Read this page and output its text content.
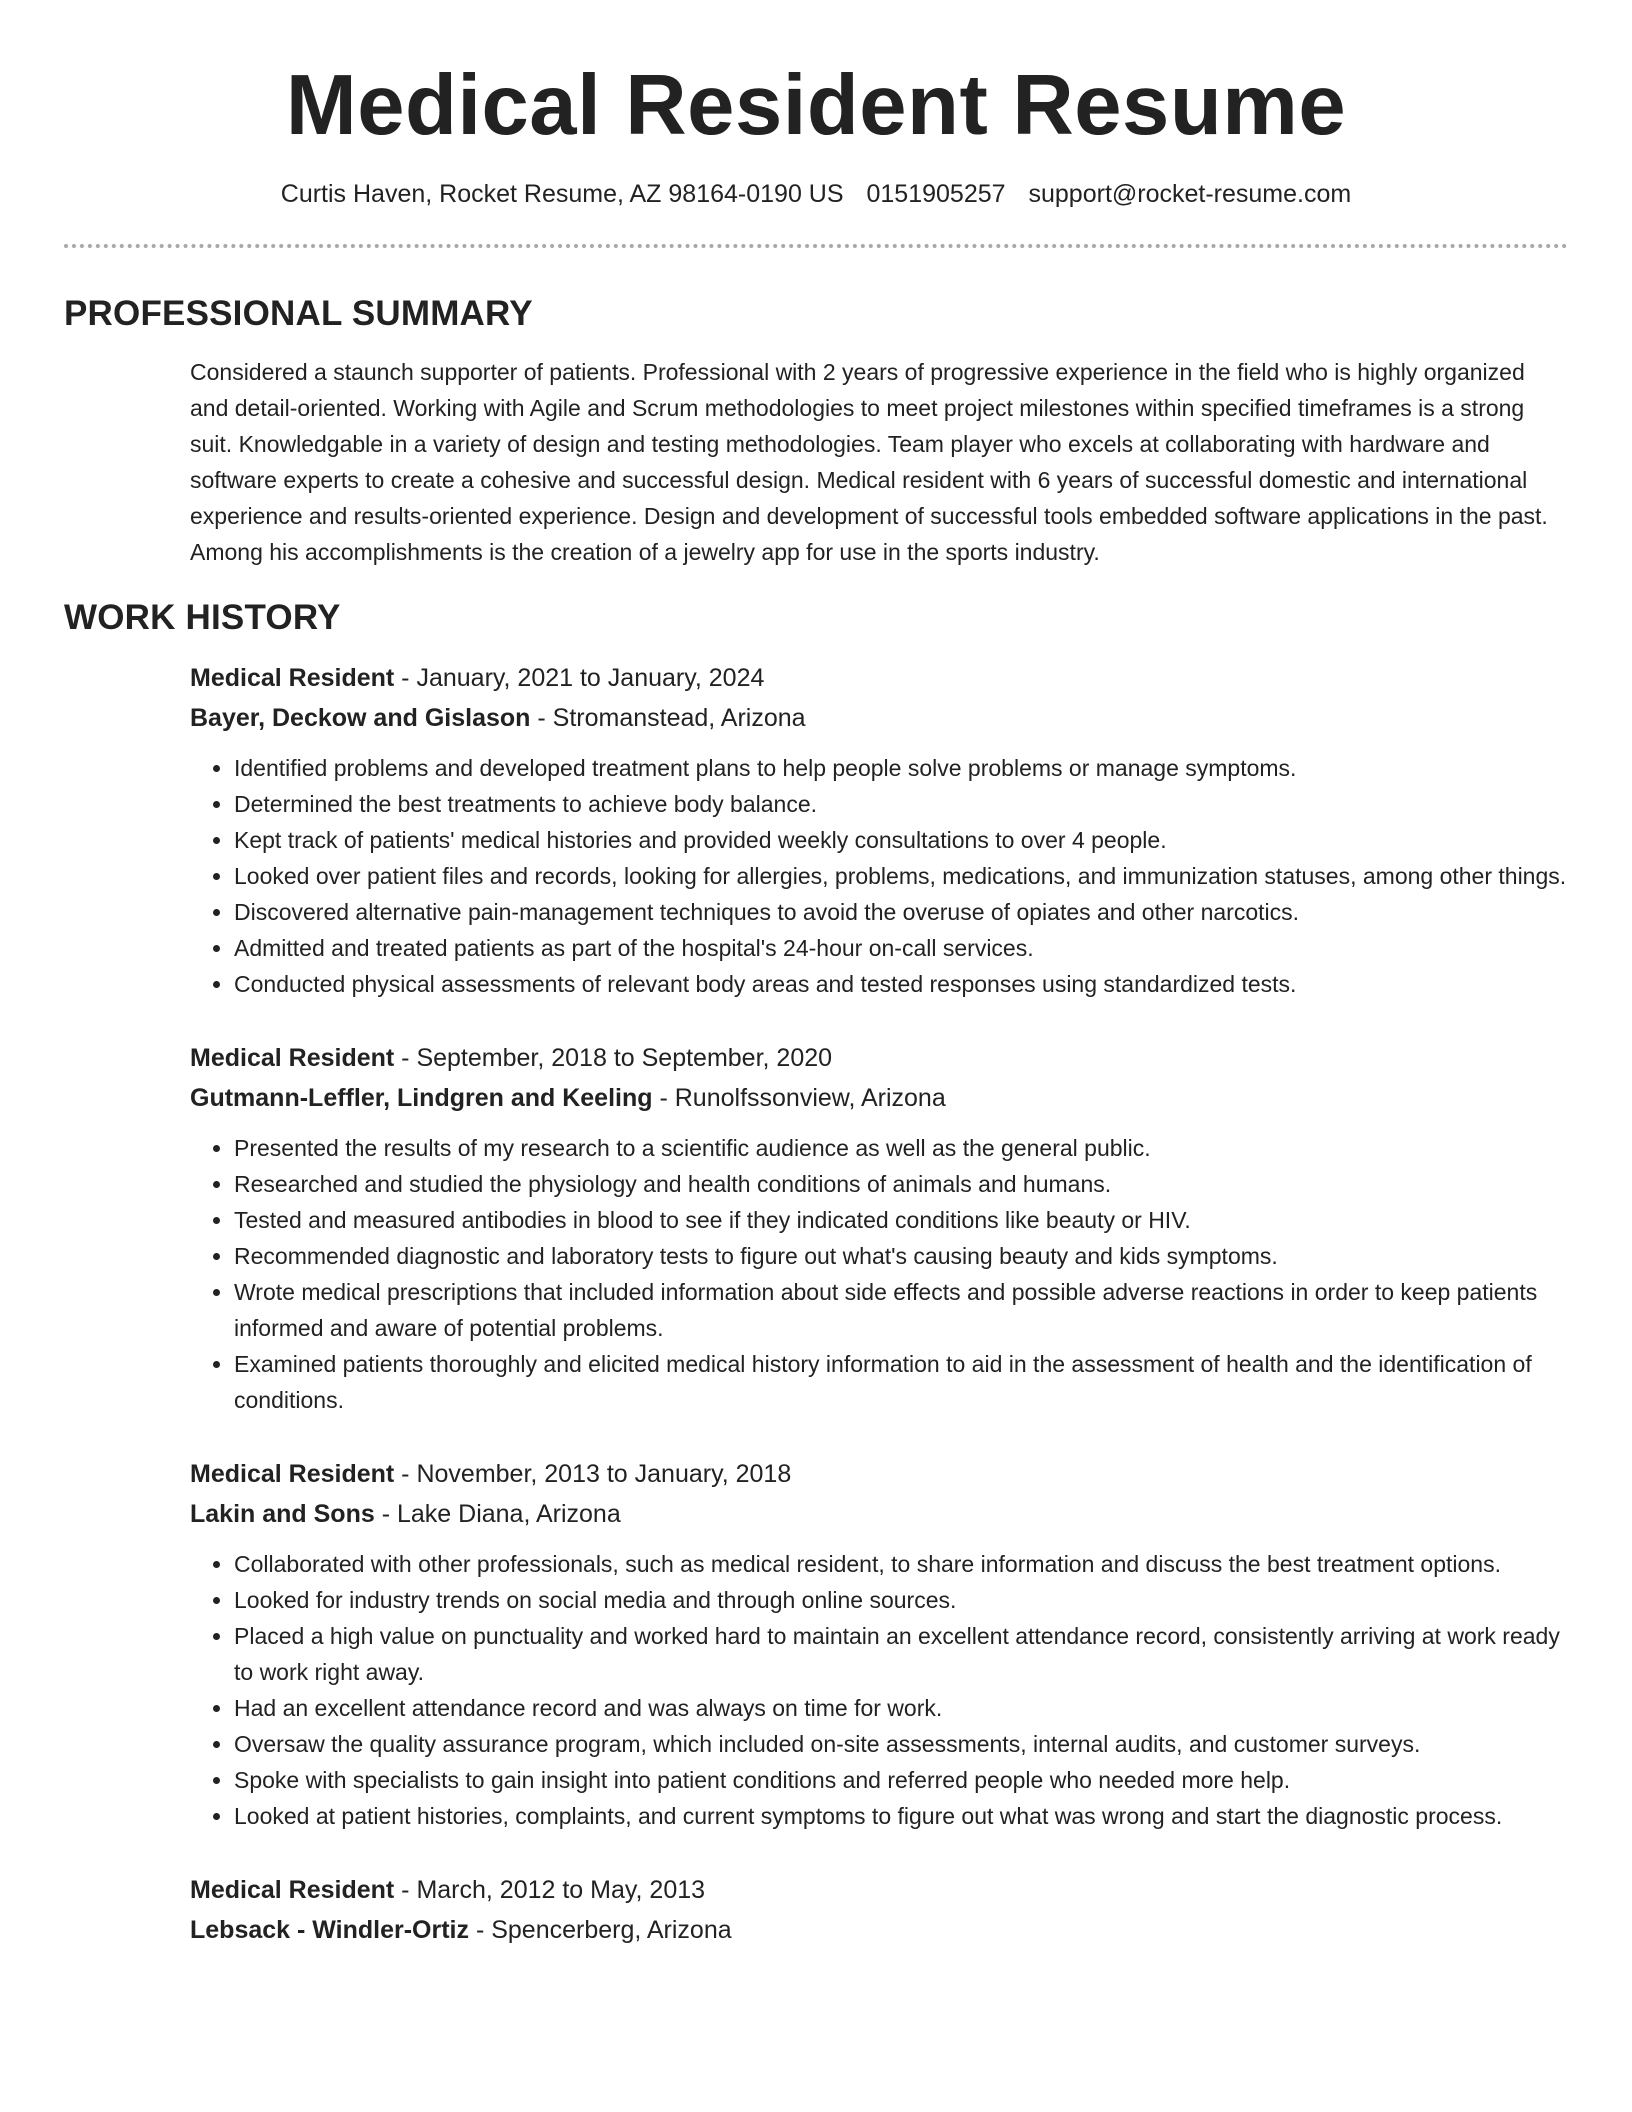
Medical Resident Resume
Curtis Haven, Rocket Resume, AZ 98164-0190 US 0151905257 support@rocket-resume.com
PROFESSIONAL SUMMARY

Considered a staunch supporter of patients. Professional with 2 years of progressive experience in the field who is highly organized and detail-oriented. Working with Agile and Scrum methodologies to meet project milestones within specified timeframes is a strong suit. Knowledgable in a variety of design and testing methodologies. Team player who excels at collaborating with hardware and software experts to create a cohesive and successful design. Medical resident with 6 years of successful domestic and international experience and results-oriented experience. Design and development of successful tools embedded software applications in the past. Among his accomplishments is the creation of a jewelry app for use in the sports industry.

WORK HISTORY
Medical Resident - January, 2021 to January, 2024
Bayer, Deckow and Gislason - Stromanstead, Arizona
• Identified problems and developed treatment plans to help people solve problems or manage symptoms.
• Determined the best treatments to achieve body balance.
• Kept track of patients' medical histories and provided weekly consultations to over 4 people.
• Looked over patient files and records, looking for allergies, problems, medications, and immunization statuses, among other things.
• Discovered alternative pain-management techniques to avoid the overuse of opiates and other narcotics.
• Admitted and treated patients as part of the hospital's 24-hour on-call services.
• Conducted physical assessments of relevant body areas and tested responses using standardized tests.
Medical Resident - September, 2018 to September, 2020
Gutmann-Leffler, Lindgren and Keeling - Runolfssonview, Arizona
• Presented the results of my research to a scientific audience as well as the general public.
• Researched and studied the physiology and health conditions of animals and humans.
• Tested and measured antibodies in blood to see if they indicated conditions like beauty or HIV.
• Recommended diagnostic and laboratory tests to figure out what's causing beauty and kids symptoms.
• Wrote medical prescriptions that included information about side effects and possible adverse reactions in order to keep patients informed and aware of potential problems.
• Examined patients thoroughly and elicited medical history information to aid in the assessment of health and the identification of conditions.
Medical Resident - November, 2013 to January, 2018
Lakin and Sons - Lake Diana, Arizona
• Collaborated with other professionals, such as medical resident, to share information and discuss the best treatment options.
• Looked for industry trends on social media and through online sources.
• Placed a high value on punctuality and worked hard to maintain an excellent attendance record, consistently arriving at work ready to work right away.
• Had an excellent attendance record and was always on time for work.
• Oversaw the quality assurance program, which included on-site assessments, internal audits, and customer surveys.
• Spoke with specialists to gain insight into patient conditions and referred people who needed more help.
• Looked at patient histories, complaints, and current symptoms to figure out what was wrong and start the diagnostic process.
Medical Resident - March, 2012 to May, 2013
Lebsack - Windler-Ortiz - Spencerberg, Arizona
